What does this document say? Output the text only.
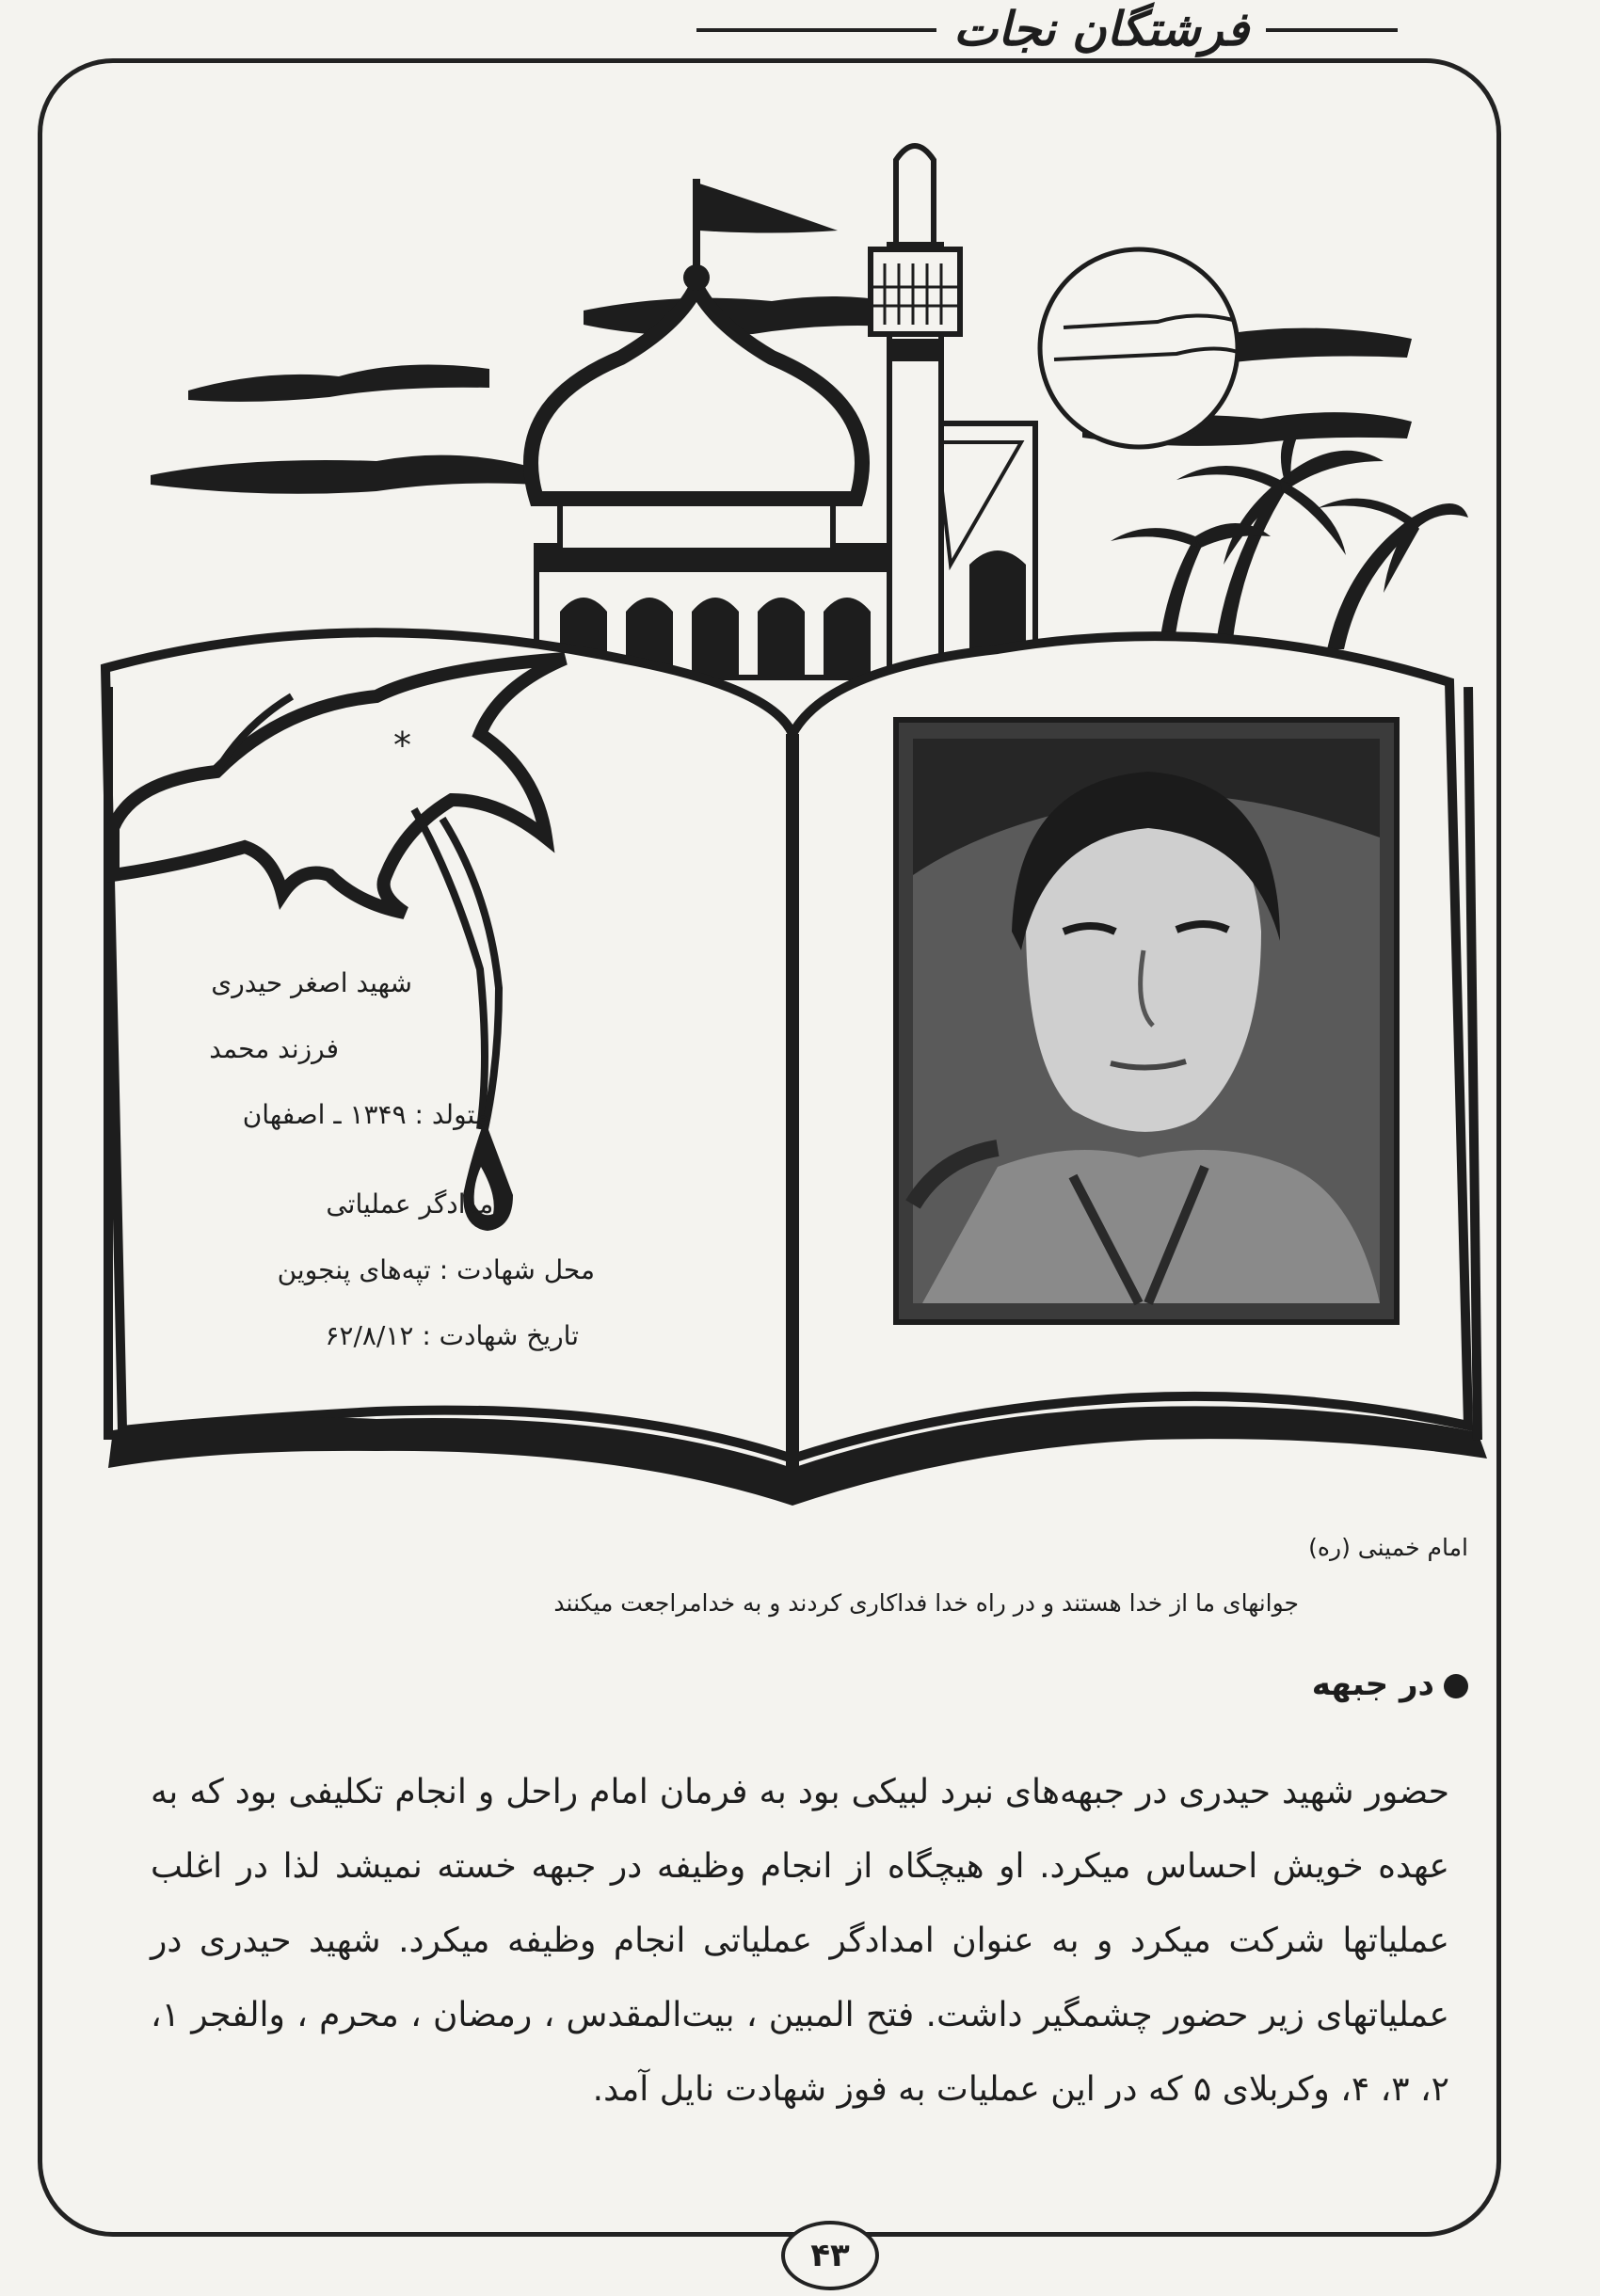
فرشتگان نجات
*
شهید اصغر حیدری
فرزند محمد
متولد : ۱۳۴۹ ـ اصفهان
امدادگر عملیاتی
محل شهادت : تپه‌های پنجوین
تاریخ شهادت : ۶۲/۸/۱۲
امام خمینی (ره)
جوانهای ما از خدا هستند و در راه خدا فداکاری کردند و به خدامراجعت میکنند
در جبهه
حضور شهید حیدری در جبهه‌های نبرد لبیکی بود به فرمان امام راحل و انجام تکلیفی بود که به عهده خویش احساس میکرد. او هیچگاه از انجام وظیفه در جبهه خسته نمیشد لذا در اغلب عملیاتها شرکت میکرد و به عنوان امدادگر عملیاتی انجام وظیفه میکرد. شهید حیدری در عملیاتهای زیر حضور چشمگیر داشت. فتح المبین ، بیت‌المقدس ، رمضان ، محرم ، والفجر ۱، ۲، ۳، ۴، وکربلای ۵ که در این عملیات به فوز شهادت نایل آمد.
۴۳
